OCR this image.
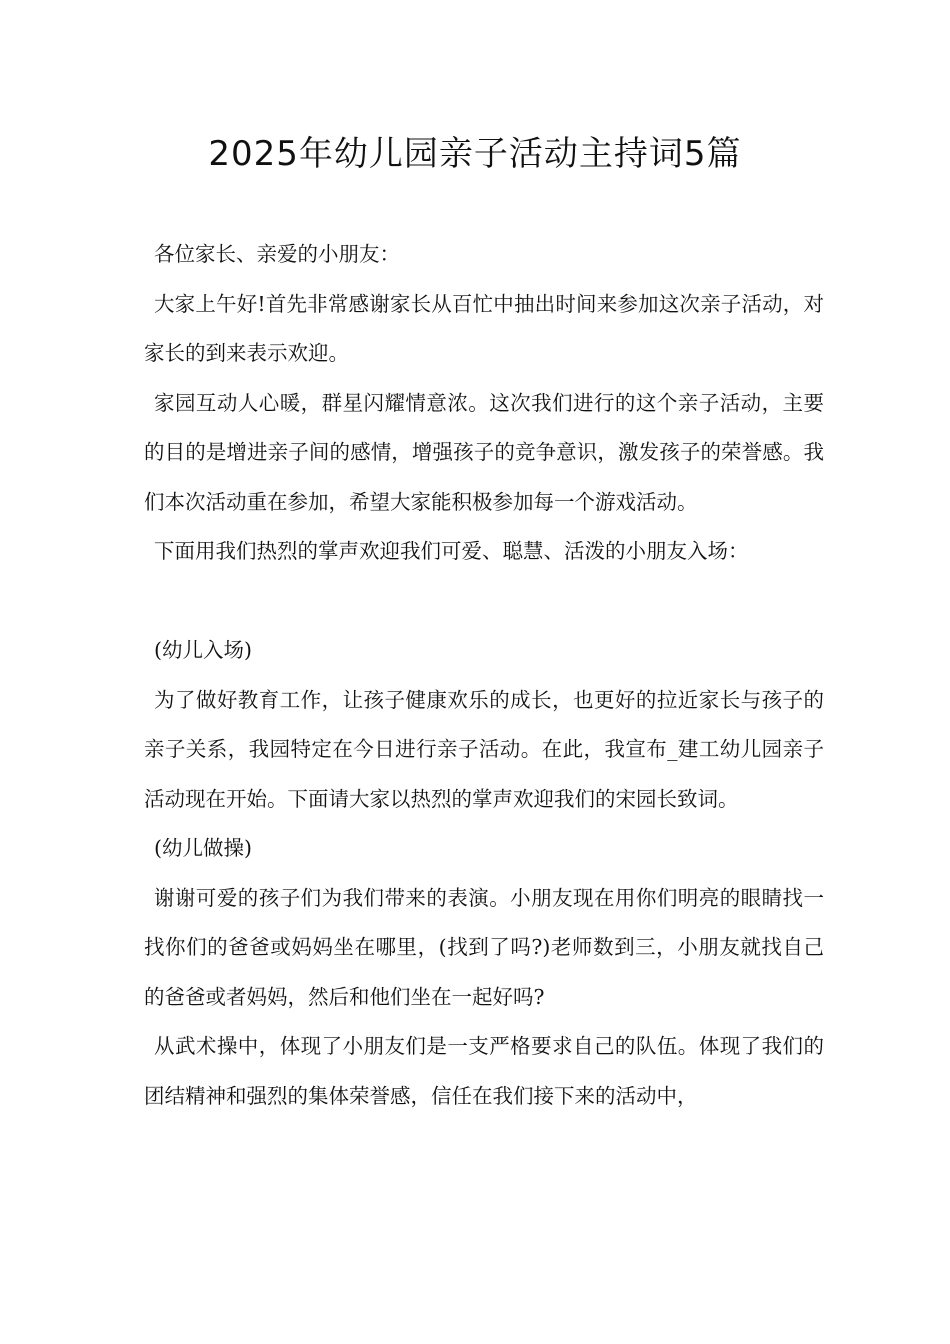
2025年幼儿园亲子活动主持词5篇

各位家长、亲爱的小朋友：

大家上午好!首先非常感谢家长从百忙中抽出时间来参加这次亲子活动，对家长的到来表示欢迎。

家园互动人心暖，群星闪耀情意浓。这次我们进行的这个亲子活动，主要的目的是增进亲子间的感情，增强孩子的竞争意识，激发孩子的荣誉感。我们本次活动重在参加，希望大家能积极参加每一个游戏活动。

下面用我们热烈的掌声欢迎我们可爱、聪慧、活泼的小朋友入场：

(幼儿入场)

为了做好教育工作，让孩子健康欢乐的成长，也更好的拉近家长与孩子的亲子关系，我园特定在今日进行亲子活动。在此，我宣布_建工幼儿园亲子活动现在开始。下面请大家以热烈的掌声欢迎我们的宋园长致词。

(幼儿做操)

谢谢可爱的孩子们为我们带来的表演。小朋友现在用你们明亮的眼睛找一找你们的爸爸或妈妈坐在哪里，(找到了吗?)老师数到三，小朋友就找自己的爸爸或者妈妈，然后和他们坐在一起好吗?

从武术操中，体现了小朋友们是一支严格要求自己的队伍。体现了我们的团结精神和强烈的集体荣誉感，信任在我们接下来的活动中，
